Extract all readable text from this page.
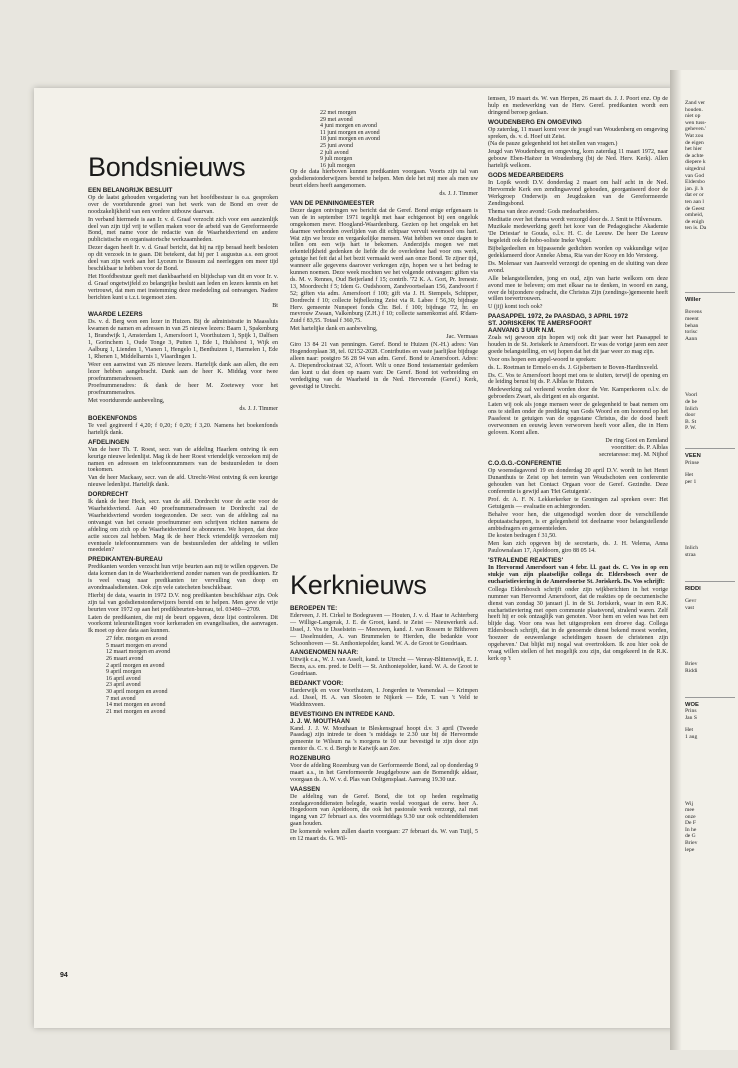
Bondsnieuws
EEN BELANGRIJK BESLUIT

Op de laatst gehouden vergadering van het hoofdbestuur is o.a. gesproken over de voortdurende groei van het werk van de Bond en over de noodzakelijkheid van een verdere uitbouw daarvan.

In verband hiermede is aan Ir. v. d. Graaf verzocht zich voor een aanzienlijk deel van zijn tijd vrij te willen maken voor de arbeid van de Gereformeerde Bond, met name voor de redactie van de Waarheidsvriend en andere publicistische en organisatorische werkzaamheden.

Dezer dagen heeft Ir. v. d. Graaf bericht, dat hij na rijp beraad heeft besloten op dit verzoek in te gaan. Dit betekent, dat hij per 1 augustus a.s. een groot deel van zijn werk aan het Lyceum te Bussum zal neerleggen om meer tijd beschikbaar te hebben voor de Bond.

Het Hoofdbestuur geeft met dankbaarheid en blijdschap van dit en voor Ir. v. d. Graaf ongetwijfeld zo belangrijke besluit aan leden en lezers kennis en het vertrouwt, dat men met instemming deze mededeling zal ontvangen. Nadere berichten kunt u t.z.t. tegemoet zien.

Bt

WAARDE LEZERS

Ds. v. d. Berg won een lezer in Huizen. Bij de administratie in Maassluis kwamen de namen en adressen in van 25 nieuwe lezers: Baarn 1, Spakenburg 1, Brandwijk 1, Amsterdam 1, Amersfoort 1, Voorthuizen 1, Spijk 1, Dalfsen 1, Gorinchem 1, Oude Tonge 3, Putten 1, Ede 1, Hulshorst 1, Wijk en Aalburg 1, Lienden 1, Vianen 1, Hengelo 1, Benthuizen 1, Harmelen 1, Ede 1, Rhenen 1, Middelharnis 1, Vlaardingen 1.

Weer een aanwinst van 26 nieuwe lezers. Hartelijk dank aan allen, die een lezer hebben aangebracht. Dank aan de heer K. Middag voor twee proefnummeradressen.

Proefnummeradres: ik dank de heer M. Zoetewey voor het proefnummeradres.

Met voortdurende aanbeveling,

ds. J. J. Timmer

BOEKENFONDS

Te veel gegireerd f 4,20; f 0,20; f 0,20; f 3,20. Namens het boekenfonds hartelijk dank.

AFDELINGEN

Van de heer Th. T. Roest, secr. van de afdeling Haarlem ontving ik een keurige nieuwe ledenlijst. Mag ik de heer Roest vriendelijk verzoeken mij de namen en adressen en telefoonnummers van de bestuursleden te doen toekomen.

Van de heer Mackaay, secr. van de afd. Utrecht-West ontving ik een keurige nieuwe ledenlijst. Hartelijk dank.

DORDRECHT

Ik dank de heer Heck, secr. van de afd. Dordrecht voor de actie voor de Waarheidsvriend. Aan 40 proefnummeradressen te Dordrecht zal de Waarheidsvriend worden toegezonden. De secr. van de afdeling zal na ontvangst van het ceraste proefnummer een schrijven richten namens de afdeling om zich op de Waarheidsvriend te abonneren. We hopen, dat deze actie succes zal hebben. Mag ik de heer Heck vriendelijk verzoeken mij eventuele telefoonnummers van de bestuursleden der afdeling te willen meedelen?

PREDIKANTEN-BUREAU

Predikanten worden verzocht hun vrije beurten aan mij te willen opgeven. De data komen dan in de Waarheidsvriend zonder namen van de predikanten. Er is veel vraag naar predikanten ter vervulling van doop en avondmaalsdiensten. Ook zijn vele catecheten beschikbaar.

Hierbij de data, waarin in 1972 D.V. nog predikanten beschikbaar zijn. Ook zijn tal van godsdienstonderwijzers bereid om te helpen. Men geve de vrije beurten voor 1972 op aan het predikbeurten-bureau, tel. 03480—2709.

Laten de predikanten, die mij de beurt opgaven, deze lijst controleren. Dit voorkomt teleurstellingen voor kerkeraden en evangelisaties, die aanvragen. Ik moet op deze data aan kunnen.

27 febr. morgen en avond
5 maart morgen en avond
12 maart morgen en avond
26 maart avond
2 april morgen en avond
9 april morgen
16 april avond
23 april avond
30 april morgen en avond
7 mei avond
14 mei morgen en avond
21 mei morgen en avond
22 mei morgen
29 mei avond
4 juni morgen en avond
11 juni morgen en avond
18 juni morgen en avond
25 juni avond
2 juli avond
9 juli morgen
16 juli morgen

Op de data hierboven kunnen predikanten voorgaan. Voorts zijn tal van godsdienstonderwijzers bereid te helpen. Men dele het mij mee als men uw beurt elders heeft aangenomen.

ds. J. J. Timmer

VAN DE PENNINGMEESTER

Dezer dagen ontvingen we bericht dat de Geref. Bond enige erfgenaam is van de in september 1971 tegelijk met haar echtgenoot bij een ongeluk omgekomen mevr. Hoogland-Waardenburg. Gezien op het ongeluk en het daarmee verbonden overlijden van dit echtpaar vervult weemoed ons hart. Wat zijn we broze en vergankelijke mensen. Wat hebben we onze dagen te tellen om een wijs hart te bekomen. Anderzijds mogen we met erkentelijkheid gedenken de liefde die de overledene had voor ons werk, getuige het feit dat al het bezit vermaakt werd aan onze Bond. Te zijner tijd, wanneer alle gegevens daarover verkregen zijn, hopen we u het bedrag te kunnen noemen. Deze week mochten we het volgende ontvangen: giften via ds. M. v. Rennes, Oud Beijerland f 15; contrib. '72 K. A. Gort, Pr. Irenestr. 13, Moordrecht f 5; Idem G. Oudshoorn, Zandvoortselaan 156, Zandvoort f 52; giften via adm. Amersfoort f 100; gift via J. H. Stempels, Schipper, Dordrecht f 10; collecte bijbellezing Zeist via R. Labee f 56,30; bijdrage Herv. gemeente Nunspeet fonds Chr. Bel. f 100; bijdrage '72, hr. en mevrouw Zwaan, Valkenburg (Z.H.) f 10; collecte samenkomst afd. R'dam-Zuid f 83,55. Totaal f 360,75.

Met hartelijke dank en aanbeveling,

Jac. Vermaas

Giro 13 84 21 van penningm. Geref. Bond te Huizen (N.-H.) adres: Van Hogendorplaan 38, tel. 02152-2028. Contributies en vaste jaarlijkse bijdrage alleen naar: postgiro 56 28 94 van adm. Geref. Bond te Amersfoort. Adres: A. Diependrockstraat 32, A'foort. Wilt u onze Bond testamentair gedenken dan kunt u dat doen op naam van: De Geref. Bond tot verbreiding en verdediging van de Waarheid in de Ned. Hervormde (Geref.) Kerk, gevestigd te Utrecht.

Kerknieuws
BEROEPEN TE:

Ederveen, J. H. Cirkel te Bodegraven — Houten, J. v. d. Haar te Achterberg — Willige-Langerak, J. E. de Groot, kand. te Zeist — Nieuwerkerk a.d. IJssel, J. Vos te IJsselstein — Meeuwen, kand. J. van Rossem te Bilthoven — IJsselmuiden, A. van Brummelen te Hierden, die bedankte voor Schoonhoven — St. Anthoniepolder, kand. W. A. de Groot te Goudriaan.

AANGENOMEN NAAR:

Uitwijk c.a., W. J. van Asselt, kand. te Utrecht — Venray-Blitterswijk, E. J. Becns, a.s. em. pred. te Delft — St. Anthoniepolder, kand. W. A. de Groot te Goudriaan.

BEDANKT VOOR:

Harderwijk en voor Voorthuizen, I. Jongerden te Veenendaal — Krimpen a.d. IJssel, H. A. van Slooten te Nijkerk — Ede, T. van 't Veld te Waddinxveen.

BEVESTIGING EN INTREDE KAND.
J. J. W. MOUTHAAN

Kand. J. J. W. Mouthaan te Bleskensgraaf hoopt d.v. 3 april (Tweede Paasdag) zijn intrede te doen 's middags te 2.30 uur bij de Hervormde gemeente te Wilsum na 's morgens te 10 uur bevestigd te zijn door zijn mentor ds. C. v. d. Bergh te Katwijk aan Zee.

ROZENBURG

Voor de afdeling Rozenburg van de Gerformeerde Bond, zal op donderdag 9 maart a.s., in het Gereformeerde Jeugdgebouw aan de Bomendijk aldaar, voorgaan ds. A. W. v. d. Plas van Ooltgensplaat. Aanvang 19.30 uur.

VAASSEN

De afdeling van de Geref. Bond, die tot op heden regelmatig zondagavonddiensten belegde, waarin veelal voorgaat de eerw. heer A. Hogedoorn van Apeldoorn, die ook het pastorale werk verzorgt, zal met ingang van 27 februari a.s. des voormiddags 9.30 uur ook ochtenddiensten gaan houden.

De komende weken zullen daarin voorgaan: 27 februari ds. W. van Tuijl, 5 en 12 maart ds. G. Wil-

lemsen, 19 maart ds. W. van Herpen, 26 maart ds. J. J. Poort enz. Op de hulp en medewerking van de Herv. Geref. predikanten wordt een dringend beroep gedaan.

WOUDENBERG EN OMGEVING

Op zaterdag, 11 maart komt voor de jeugd van Woudenberg en omgeving spreken, ds. v. d. Hoef uit Zeist.

(Na de pauze gelegenheid tot het stellen van vragen.)

Jeugd van Woudenberg en omgeving, kom zaterdag 11 maart 1972, naar gebouw Eben-Haëzer in Woudenberg (bij de Ned. Herv. Kerk). Allen hartelijk welkom.

GODS MEDEARBEIDERS

In Lopik wordt D.V. donderdag 2 maart om half acht in de Ned. Hervormde Kerk een zendingsavond gehouden, georganiseerd door de Werkgroep Onderwijs en Jeugdzaken van de Gereformeerde Zendingsbond.

Thema van deze avond: Gods medearbeiders.

Meditatie over het thema wordt verzorgd door ds. J. Smit te Hilversum.

Muzikale medewerking geeft het koor van de Pedagogische Akademie 'De Driestar' te Gouda, o.l.v. H. C. de Leeuw. De heer De Leeuw begeleidt ook de hobo-soliste Ineke Vogel.

Bijbelgedeelten en bijpassende gedichten worden op vakkundige wijze gedeklameerd door Anneke Abma, Ria van der Kooy en Ido Versteeg.

Ds. Molenaar van Jaarsveld verzorgt de opening en de sluiting van deze avond.

Alle belangstellenden, jong en oud, zijn van harte welkom om deze avond mee te beleven; om met elkaar na te denken, in woord en zang, over de bijzondere opdracht, die Christus Zijn (zendings-)gemeente heeft willen toevertrouwen.

U (jij) komt toch ook?

PAASAPPEL 1972, 2e PAASDAG, 3 APRIL 1972
ST. JORISKERK TE AMERSFOORT
AANVANG 3 UUR N.M.

Zoals wij gewoon zijn hopen wij ook dit jaar weer het Paasappel te houden in de St. Joriskerk te Amersfoort. Er was de vorige jaren een zeer goede belangstelling, en wij hopen dat het dit jaar weer zo mag zijn.

Voor ons hopen een appel-woord te spreken:

ds. L. Roetman te Ermelo en ds. J. Gijsbertsen te Boven-Hardinxveld.

Ds. C. Vos te Amersfoort hoopt met ons te sluiten, terwijl de opening en de leiding berust bij ds. P. Alblas te Huizen.

Medewerking zal verleend worden door de Ver. Kamperkoren o.l.v. de gebroeders Zwart, als dirigent en als organist.

Laten wij ook als jonge mensen weer de gelegenheid te baat nemen om ons te stellen onder de prediking van Gods Woord en om hoorend op het Paasfeest te getuigen van de opgestane Christus, die de dood heeft overwonnen en eeuwig leven verworven heeft voor allen, die in Hem geloven. Komt allen.

De ring Gooi en Eemland

voorzitter: ds. P. Alblas

secretaresse: mej. M. Nijhof

C.O.G.G.-CONFERENTIE

Op woensdagavond 19 en donderdag 20 april D.V. wordt in het Henri Dunanthuis te Zeist op het terrein van Woudschoten een conferentie gehouden van het Contact Orgaan voor de Geref. Gezindte. Deze conferentie is gewijd aan 'Het Getuigenis'.

Prof. dr. A. F. N. Lekkerkerker te Groningen zal spreken over: Het Getuigenis — evaluatie en achtergronden.

Behalve voor hen, die uitgenodigd worden door de verschillende deputaatschappen, is er gelegenheid tot deelname voor belangstellende ambtsdragers en gemeenteleden.

De kosten bedragen f 31,50.

Men kan zich opgeven bij de secretaris, ds. J. H. Velema, Anna Paulownalaan 17, Apeldoorn, giro 88 05 14.

'STRALENDE REAKTIES'

In Hervormd Amersfoort van 4 febr. l.l. gaat ds. C. Vos in op een stukje van zijn plaatselijke collega dr. Eldersbosch over de eucharistieviering in de Amersfoortse St. Joriskerk. Ds. Vos schrijft:

Collega Eldersbosch schrijft onder zijn wijkberichten in het vorige nummer van Hervormd Amersfoort, dat de reakties op de oecumenische dienst van zondag 30 januari jl. in de St. Joriskerk, waar in een R.K. eucharistieviering met open communie plaatsvond, stralend waren. Zelf heeft hij er ook ontzaglijk van genoten. Voor hem en velen was het een blijde dag. Voor ons was het uitgesproken een droeve dag. Collega Eldersbosch schrijft, dat in de genoemde dienst bekend moest worden, 'hoezeer de eeuwenlange scheidingen tussen de christenen zijn opgeheven.' Dat blijkt mij nogal wat overtrokken. Ik zou hier ook de vraag willen stellen of het mogelijk zou zijn, dat omgekeerd in de R.K. kerk op 't

94
Zand ver
houden.
niet op
wen tuss-
geheven.'
Wat zou
de eigen
het hier
de achte
diepere k
uitgedrul
van God
Eldersbo
jan. jl. h
dat er or
ten aan l
de Geest
omheid,
de enigh
ten is. Da
Willer
Bovens
meent
behan
torisc
Aann
Voorl
de be
Inlich
door
B. St
P. W.
VEEN
Prinse
Het
per 1
Inlich
straa
RIDDI
Gevr
vast
Briev
Riddi
WOE
Prins
Jan S
Het
1 aug
Wij
mee
onze
De F
In he
de G
Briev
lepe
